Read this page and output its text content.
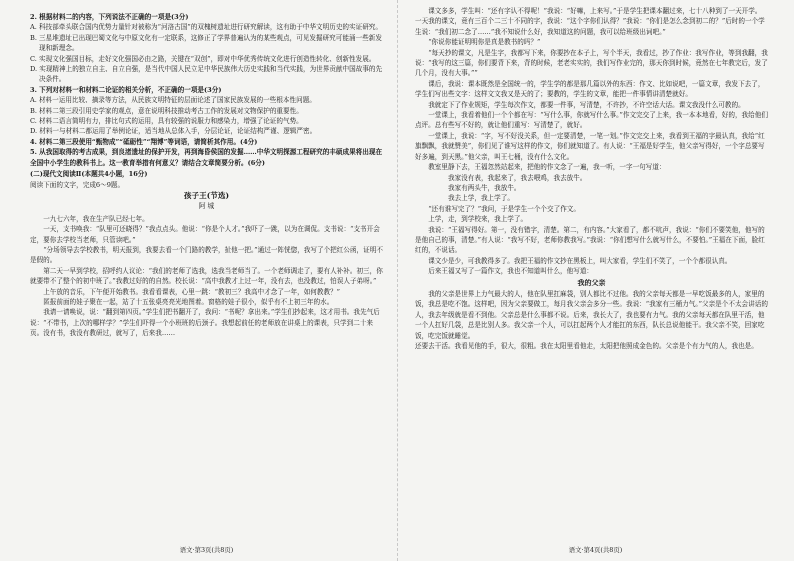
2. 根据材料二的内容，下列说法不正确的一项是(3分)

A. 科技部牵头联合国内优势力量针对被称为“河洛古国”的双槐树遗址进行研究解读，这有助于中华文明历史的实证研究。

B. 三星堆遗址已出现巴蜀文化与中原文化有一定联系，这修正了学界普遍认为的某些观点，可见发掘研究可能涌一些新发现和新理念。

C. 实现文化强国目标，走好文化强国必由之路，关键在“双创”，即对中华优秀传统文化进行创造性转化、创新性发展。

D. 实现精神上的独立自主、自立自强，是当代中国人民立足中华民族伟大历史实践和当代实践，为世界贡献中国故事的先决条件。

3. 下列对材料一和材料二论证的相关分析，不正确的一项是(3分)

A. 材料一运用比较、摘录等方法，从民族文明特征的层面论述了国家民族发展的一些根本性问题。

B. 材料二第三段引用史学家的观点，意在说明科技推动考古工作的发展对文物保护的重要性。

C. 材料二语言简明有力，排比句式的运用，具有较强的说服力和感染力，增强了论证的气势。

D. 材料一与材料二都运用了举例论证，适当地从总体入手，分层论证，论证结构严谨、逻辑严密。

4. 材料二第三段使用“甄物成”“砥砺性”“翔博”等词语，请简析其作用。(4分)

5. 从我国取得的考古成果，到良渚遗址的保护开发，再到海昏侯国的发掘……中华文明探源工程研究的丰硕成果将出现在全国中小学生的教科书上。这一教育举措有何意义？请结合文章简要分析。(6分)

(二)现代文阅读Ⅱ(本题共4小题，16分)

阅读下面的文字，完成6～9题。

孩子王(节选)

阿 城

一九七六年，我在生产队已经七年。

一天，支书唤我：“队里可还晓得？”我点点头。他说：“你是个人才。”我吓了一跳，以为在调侃。支书说：“支书开会定，要你去学校当老师，只管读吧。”

“分场领导去学校教书，明天报到，我要去看一个门路的教学，扯他一把。”通过一阵恍惚，我写了个把红公函，证明不是假的。

第二天一早到学校，招呼约人议论：“我们的老师了选我，选我当老师当了。一个老师调走了，要有人补补。初三，你就要带不了整个的初中班了。”我教过好的的自然。校长说：“高中我教才上过一年，没有去，也没教过，怕误人子弟呀。”

上午放的音乐，下午便开始教书。我看看课表，心里一跳：“教初三？我高中才念了一年，如何教教？”

匿报前面的娃子聚在一起，站了十五张桌亮亮光地图着。窗格的娃子很小，似乎有不上初三年的水。

我请一请唤说，说：“翻到第四页。”学生们把书翻开了，我问：“书呢？拿出来。”学生们抄起来，这才用书。我先气后说：“不带书，上次的哪样学？”学生们吓得一个小班班的后颈子。我想起前任的老师放在讲桌上的课表，只学到二十来页。没有书，我没有教研过，就写了，后来我……

语文·第3页(共8页)

课文多多，学生叫：“还有字认不得呢！”我说：“好嘛，上来写。”于是学生把课本翻过来，七十八种到了一天开学。一天我的课文，竟有三百个二三十不同的字，我说：“这个字你们认得？”我说：“你们是怎么念到初二的？”后时的一个学生说：“我们初二念了……”我不知说什么好，我知道这的问题，我可以给班级出词吧。”

“你说你能证明明你是真是教书的吗？”

“每天抄的课文，凡是生字，我都写下来，你要抄在本子上，写个半天，我看过，抄了作业：我写作业，等到我翻，我说：“我写的这三篇，你们要背下来，背的时候，老老实实的，我们写作业完的，那天你到时候，竟然在七年教完后，发了几个月，没有大事。””

课后，我说：课本既然是全国统一的，学生学的都是那几篇以外的东西：作文、比如说吧，一篇文章，我发下去了，学生们写出些文字：这样文文我又是天的了；要教的，学生的文章，能把一件事情讲清楚就好。

我就定下了作业规矩，学生每次作文，都要一件事，写清楚，不许抄，不许空话大话。课文我没什么可教的。

一堂课上，我看着他们一个个都在写：“写什么事，你就写什么事。”作文完交了上来，我一本本地看，好的，我给他们点评。总有些写不好的，就让他们重写：写清楚了，就好。

一堂课上，我说：“字，写不好没关系，但一定要清楚，一笔一划。”作文完交上来，我看到王福的字最认真，我给“红旗飘飘，我就赞美”，你们见了谁写这样的作文，你们就知道了。有人说：“王福是好学生，他父亲写得好，一个字总要写好多遍，到天黑。”他父亲，叫王七桶，没有什么文化。

教室里静下去，王福忽然站起来，把他的作文念了一遍，我一听，一字一句写道：

我家没有表，我起来了，我去喂鸡，我去放牛。

我家有两头牛，我放牛。

我去上学，我上学了。

“还有谁写完了？”我问，于是学生一个个交了作文。

上学，走，到学校来，我上学了。

我说：“王福写得好。第一，没有错字，清楚。第二，有内容。”大家看了，都不吭声，我说：“你们不要笑他，他写的是他自己的事，清楚。”有人说：“我写不好，老师你教我写。”我说：“你们想写什么就写什么，不要怕。”王福在下面，脸红红的，不说话。

课文少是少，可我教得多了。我把王福的作文抄在黑板上，叫大家看，学生们不笑了，一个个都很认真。

后来王福又写了一篇作文，我也不知道叫什么，他写道：

我的父亲

我的父亲是世界上力气最大的人，他在队里扛麻袋，别人都比不过他。我的父亲每天都是一早吃饭最多的人，家里的饭，我总是吃不饱。这样吧，因为父亲要做工，每月我父亲会多分一些。我说：“我家有三桶力气。”父亲是个不太会讲话的人，我去年级就是看不到他。父亲总是什么事都不说。后来，我长大了，我也要有力气。我的父亲每天都在队里干活，他一个人扛好几袋，总是比别人多。我父亲一个人，可以扛起两个人才能扛的东西，队长总说他能干。我父亲不笑，回家吃饭，吃完饭就睡觉。

还要去干活。我看见他的手，很大，很粗。我在太阳里看他走，太阳把他照成金色的。父亲是个有力气的人，我也是。

语文·第4页(共8页)
